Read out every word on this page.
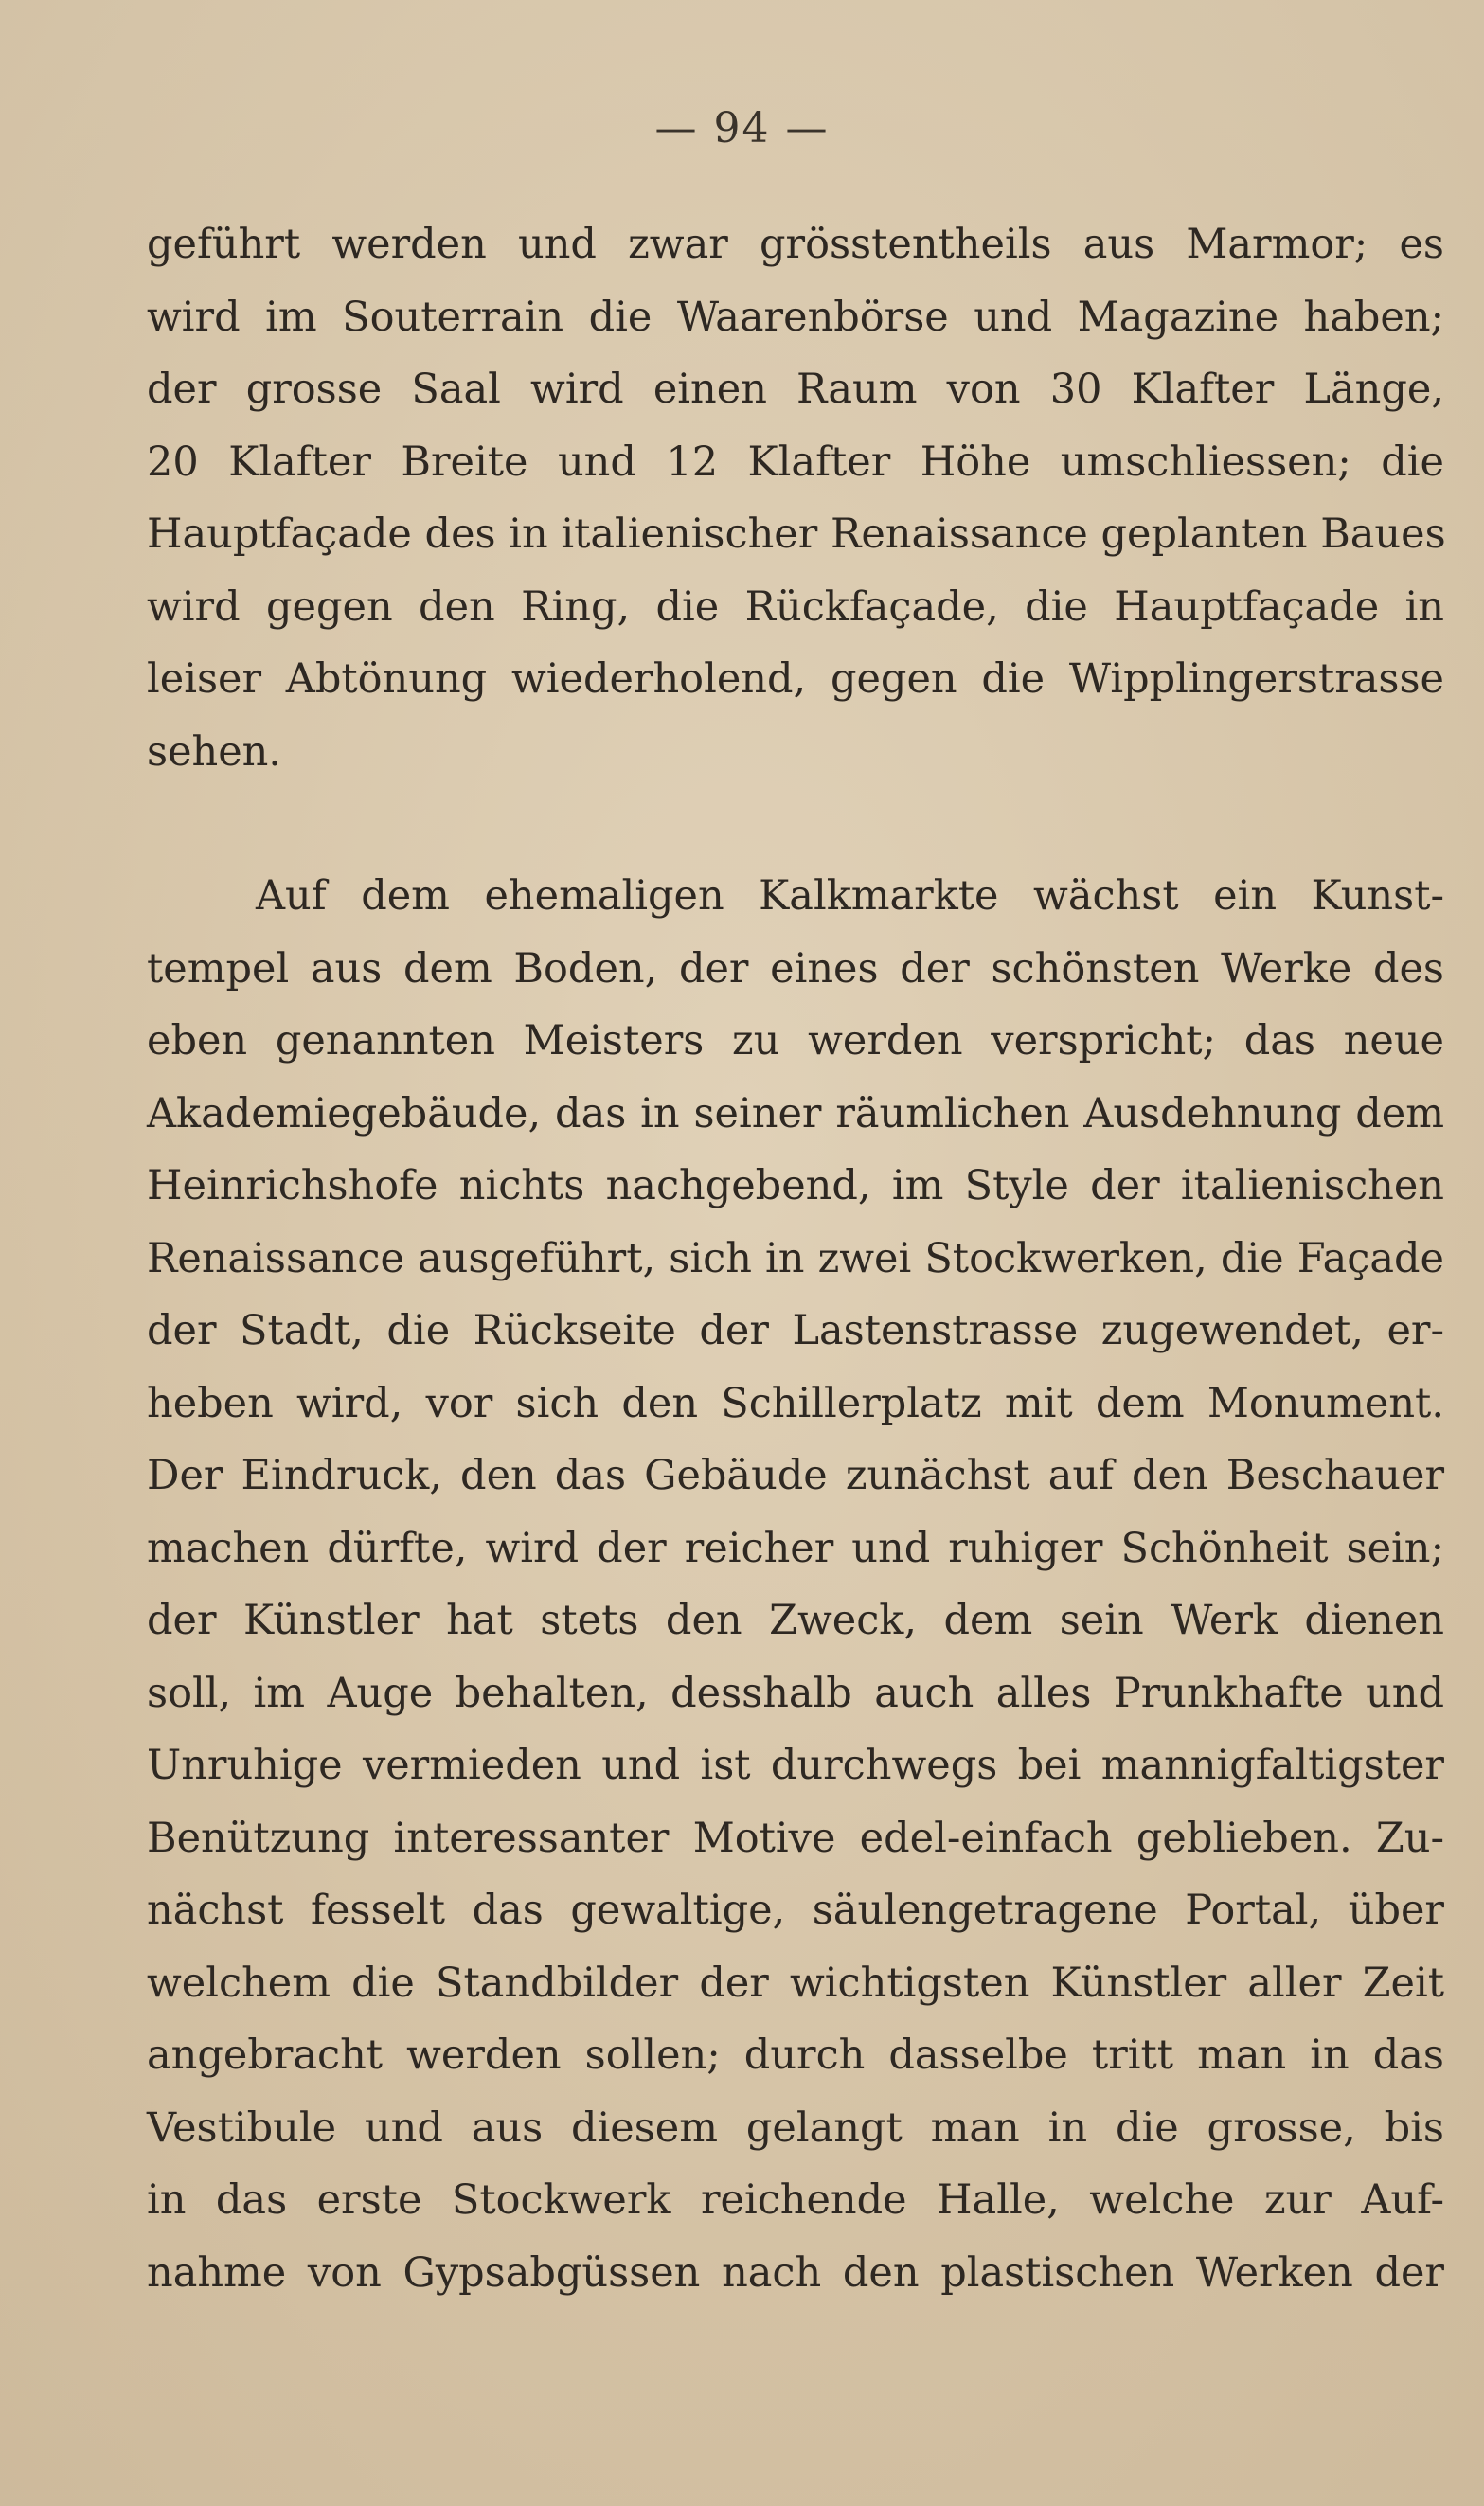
— 94 —
geführt werden und zwar grösstentheils aus Marmor; es
wird im Souterrain die Waarenbörse und Magazine haben;
der grosse Saal wird einen Raum von 30 Klafter Länge,
20 Klafter Breite und 12 Klafter Höhe umschliessen; die
Hauptfaçade des in italienischer Renaissance geplanten Baues
wird gegen den Ring, die Rückfaçade, die Hauptfaçade in
leiser Abtönung wiederholend, gegen die Wipplingerstrasse
sehen.
Auf dem ehemaligen Kalkmarkte wächst ein Kunst-
tempel aus dem Boden, der eines der schönsten Werke des
eben genannten Meisters zu werden verspricht; das neue
Akademiegebäude, das in seiner räumlichen Ausdehnung dem
Heinrichshofe nichts nachgebend, im Style der italienischen
Renaissance ausgeführt, sich in zwei Stockwerken, die Façade
der Stadt, die Rückseite der Lastenstrasse zugewendet, er-
heben wird, vor sich den Schillerplatz mit dem Monument.
Der Eindruck, den das Gebäude zunächst auf den Beschauer
machen dürfte, wird der reicher und ruhiger Schönheit sein;
der Künstler hat stets den Zweck, dem sein Werk dienen
soll, im Auge behalten, desshalb auch alles Prunkhafte und
Unruhige vermieden und ist durchwegs bei mannigfaltigster
Benützung interessanter Motive edel-einfach geblieben. Zu-
nächst fesselt das gewaltige, säulengetragene Portal, über
welchem die Standbilder der wichtigsten Künstler aller Zeit
angebracht werden sollen; durch dasselbe tritt man in das
Vestibule und aus diesem gelangt man in die grosse, bis
in das erste Stockwerk reichende Halle, welche zur Auf-
nahme von Gypsabgüssen nach den plastischen Werken der
